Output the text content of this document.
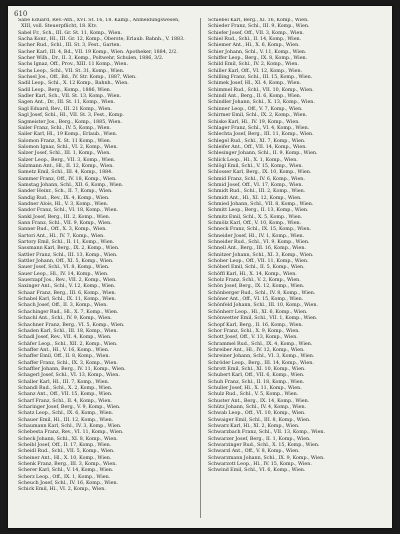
610
Sabe Eduard, Rev.-Ath., XVI. St. 16, 18. Kamp., Anmeldungswesen, XIII, voll. Steuerpflicht, 18. Ktv.
Sabel Fr., Sch., III. Gr. St. 11, Komp., Wien.
Sacha Konr., Hl., III. Gr. 12, Komp., Oberste, Erlaub. Bahnh., V. 1883.
Sacher Rud., Schl., III. St. 3, Fest., Garten.
Sacher Karl, III. 4, Bd., VII. 19 Komp., Wien. Apotheker, 1884, 2/2.
Sacher Wilh., Dr., II. 3, Komp., Poltwehr, Schulen, 1886, 3/2.
Sachs Ignaz, Off., Prov., XIII. 11 Komp., Wien.
Sachs Leop., Schl., VII. St. 31, Komp., Wien.
Sachsel Jos., Off., Bd., IV. Str. Komp., 1887, Wien.
Sadil Leop., Schl., X. 12 Komp., Bahnh., Wien.
Sadil Leop., Berg., Komp., 1886, Wien.
Sadler Karl, Sch., VII. St. 13, Komp., Wien.
Sagen Ant., Dr., III. St. 11, Komp., Wien.
Sagl Eduard, Rev., III. 21 Komp., Wien.
Sagl Josef, Schl., Hl., VII. St. 3, Fest., Komp.
Sagmeister Jos., Berg., Komp., 1885, Wien.
Sailer Franz, Schl., IV. 5, Komp., Wien.
Sailer Karl, Hl., 19 Komp., Erlaub., Wien.
Salomon Franz, X. St. 11 Komp., Wien.
Salomon Ignaz, Schl., VI. 2, Komp., Wien.
Salzer Josef, Schl., III. 1, Komp., Wien.
Salzer Leop., Berg., VII. 3, Komp., Wien.
Salzmann Ant., Hl., II. 12, Komp., Wien.
Sametz Emil, Schl., III. 4, Komp., 1884.
Sammer Franz, Off., IV. 18, Komp., Wien.
Samstag Johann, Schl., XII. 6, Komp., Wien.
Sander Heinr., Sch., II. 7, Komp., Wien.
Sandig Rud., Rev., IX. 4, Komp., Wien.
Sandner Alois, Hl., V. 3, Komp., Wien.
Sandor Franz, Schl., VI. 18, Komp., Wien.
Sankl Josef, Berg., III. 2, Komp., Wien.
Sann Franz, Schl., VII. 9, Komp., Wien.
Sanner Rud., Off., X. 3, Komp., Wien.
Sartori Ant., Hl., IV. 7, Komp., Wien.
Sartory Emil, Schl., II. 11, Komp., Wien.
Sassmann Karl, Berg., IX. 2, Komp., Wien.
Sattler Franz, Schl., III. 13, Komp., Wien.
Sattler Johann, Off., XI. 5, Komp., Wien.
Sauer Josef, Schl., VI. 8, Komp., Wien.
Sauer Leop., Hl., IV. 14, Komp., Wien.
Sauerzapf Jos., Rev., VII. 2, Komp., Wien.
Saxinger Ant., Schl., V. 12, Komp., Wien.
Schaar Franz, Berg., III. 6, Komp., Wien.
Schabel Karl, Schl., IX. 11, Komp., Wien.
Schach Josef, Off., II. 3, Komp., Wien.
Schachinger Rud., Hl., X. 7, Komp., Wien.
Schachl Ant., Schl., IV. 9, Komp., Wien.
Schachner Franz, Berg., VI. 5, Komp., Wien.
Schaden Karl, Schl., III. 18, Komp., Wien.
Schadl Josef, Rev., VII. 4, Komp., Wien.
Schäfer Leop., Schl., XII. 2, Komp., Wien.
Schaffer Ant., Hl., V. 16, Komp., Wien.
Schaffer Emil, Off., II. 8, Komp., Wien.
Schaffer Franz, Schl., IX. 3, Komp., Wien.
Schaffler Johann, Berg., IV. 11, Komp., Wien.
Schagerl Josef, Schl., VI. 13, Komp., Wien.
Schaller Karl, Hl., III. 7, Komp., Wien.
Schandl Rud., Schl., X. 2, Komp., Wien.
Schanz Ant., Off., VII. 15, Komp., Wien.
Scharf Franz, Schl., II. 4, Komp., Wien.
Scharinger Josef, Berg., V. 9, Komp., Wien.
Schatz Leop., Schl., IX. 6, Komp., Wien.
Schauer Emil, Hl., III. 12, Komp., Wien.
Schaumann Karl, Schl., IV. 3, Komp., Wien.
Schebesta Franz, Rev., VI. 11, Komp., Wien.
Scheck Johann, Schl., XI. 8, Komp., Wien.
Scheibl Josef, Off., II. 17, Komp., Wien.
Scheidl Rud., Schl., VII. 5, Komp., Wien.
Scheiner Ant., Hl., X. 10, Komp., Wien.
Schenk Franz, Berg., III. 3, Komp., Wien.
Scherer Karl, Schl., V. 14, Komp., Wien.
Scherz Leop., Off., IX. 1, Komp., Wien.
Scheuch Josef, Schl., IV. 16, Komp., Wien.
Schick Emil, Hl., VI. 2, Komp., Wien.
Schiebel Karl, Berg., XI. 16, Komp., Wien.
Schieder Franz, Schl., III. 9, Komp., Wien.
Schiefer Josef, Off., VII. 3, Komp., Wien.
Schiel Rud., Schl., II. 14, Komp., Wien.
Schiemer Ant., Hl., X. 6, Komp., Wien.
Schier Johann, Schl., V. 11, Komp., Wien.
Schiffer Leop., Berg., IX. 8, Komp., Wien.
Schild Emil, Schl., IV. 2, Komp., Wien.
Schiller Karl, Off., VI. 12, Komp., Wien.
Schilling Franz, Schl., III. 15, Komp., Wien.
Schimek Josef, Hl., XI. 4, Komp., Wien.
Schimmel Rud., Schl., VII. 10, Komp., Wien.
Schindl Ant., Berg., II. 6, Komp., Wien.
Schindler Johann, Schl., X. 13, Komp., Wien.
Schinner Leop., Off., V. 7, Komp., Wien.
Schirmer Emil, Schl., IX. 2, Komp., Wien.
Schiske Karl, Hl., IV. 19, Komp., Wien.
Schlager Franz, Schl., VI. 4, Komp., Wien.
Schlechta Josef, Berg., III. 11, Komp., Wien.
Schlegel Rud., Schl., XI. 7, Komp., Wien.
Schleifer Ant., Off., VII. 14, Komp., Wien.
Schlesinger Johann, Schl., II. 9, Komp., Wien.
Schlick Leop., Hl., X. 1, Komp., Wien.
Schlögl Emil, Schl., V. 15, Komp., Wien.
Schlosser Karl, Berg., IX. 10, Komp., Wien.
Schmid Franz, Schl., IV. 6, Komp., Wien.
Schmid Josef, Off., VI. 17, Komp., Wien.
Schmidt Rud., Schl., III. 2, Komp., Wien.
Schmidt Ant., Hl., XI. 12, Komp., Wien.
Schmied Johann, Schl., VII. 8, Komp., Wien.
Schmitt Leop., Berg., II. 13, Komp., Wien.
Schmitz Emil, Schl., X. 5, Komp., Wien.
Schmölz Karl, Off., V. 10, Komp., Wien.
Schneck Franz, Schl., IX. 15, Komp., Wien.
Schneider Josef, Hl., IV. 1, Komp., Wien.
Schneider Rud., Schl., VI. 9, Komp., Wien.
Schnell Ant., Berg., III. 16, Komp., Wien.
Schnitzer Johann, Schl., XI. 3, Komp., Wien.
Schober Leop., Off., VII. 11, Komp., Wien.
Schöberl Emil, Schl., II. 5, Komp., Wien.
Schöffl Karl, Hl., X. 14, Komp., Wien.
Scholz Franz, Schl., V. 2, Komp., Wien.
Schön Josef, Berg., IX. 12, Komp., Wien.
Schönberger Rud., Schl., IV. 8, Komp., Wien.
Schöner Ant., Off., VI. 15, Komp., Wien.
Schönfeld Johann, Schl., III. 10, Komp., Wien.
Schönherr Leop., Hl., XI. 6, Komp., Wien.
Schönwetter Emil, Schl., VII. 1, Komp., Wien.
Schopf Karl, Berg., II. 16, Komp., Wien.
Schor Franz, Schl., X. 9, Komp., Wien.
Schott Josef, Off., V. 13, Komp., Wien.
Schrammel Rud., Schl., IX. 4, Komp., Wien.
Schreiber Ant., Hl., IV. 12, Komp., Wien.
Schreiner Johann, Schl., VI. 3, Komp., Wien.
Schröder Leop., Berg., III. 14, Komp., Wien.
Schrott Emil, Schl., XI. 10, Komp., Wien.
Schubert Karl, Off., VII. 6, Komp., Wien.
Schuh Franz, Schl., II. 18, Komp., Wien.
Schuller Josef, Hl., X. 11, Komp., Wien.
Schulz Rud., Schl., V. 5, Komp., Wien.
Schuster Ant., Berg., IX. 14, Komp., Wien.
Schütz Johann, Schl., IV. 4, Komp., Wien.
Schwab Leop., Off., VI. 10, Komp., Wien.
Schwaiger Emil, Schl., III. 8, Komp., Wien.
Schwarz Karl, Hl., XI. 2, Komp., Wien.
Schwarzbach Franz, Schl., VII. 13, Komp., Wien.
Schwarzer Josef, Berg., II. 1, Komp., Wien.
Schwarzinger Rud., Schl., X. 15, Komp., Wien.
Schwarzl Ant., Off., V. 8, Komp., Wien.
Schwarzmann Johann, Schl., IX. 9, Komp., Wien.
Schwarzott Leop., Hl., IV. 15, Komp., Wien.
Schwind Emil, Schl., VI. 6, Komp., Wien.
